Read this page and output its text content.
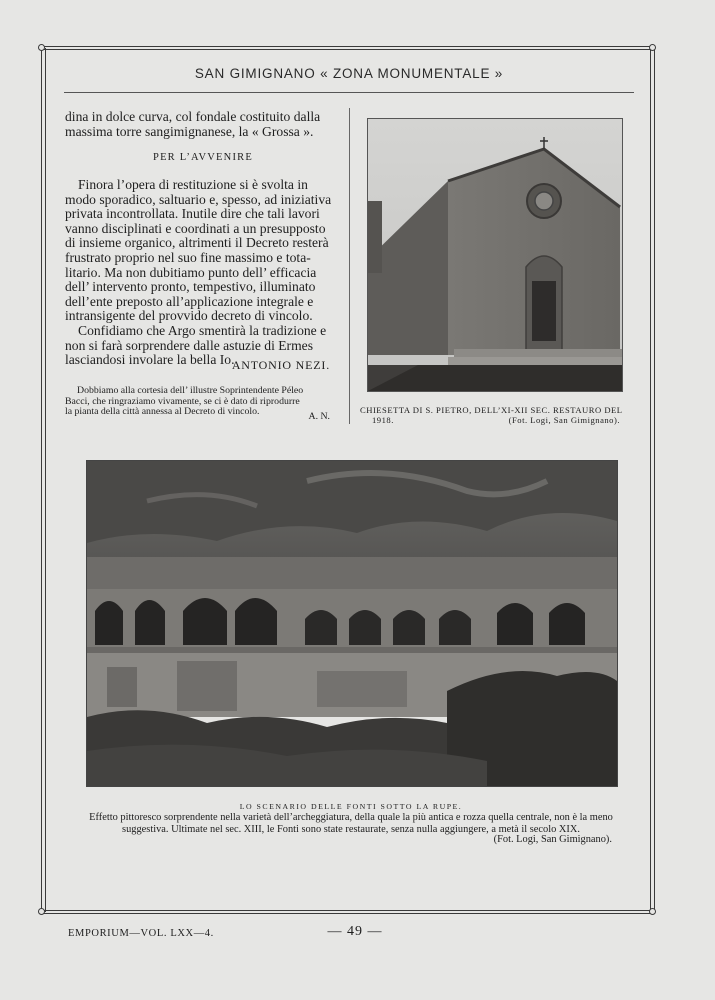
SAN GIMIGNANO « ZONA MONUMENTALE »

dina in dolce curva, col fondale costituito dalla

massima torre sangimignanese, la « Grossa ».

PER L’AVVENIRE

Finora l’opera di restituzione si è svolta in

modo sporadico, saltuario e, spesso, ad iniziativa

privata incontrollata. Inutile dire che tali lavori

vanno disciplinati e coordinati a un presupposto

di insieme organico, altrimenti il Decreto resterà

frustrato proprio nel suo fine massimo e tota-

litario. Ma non dubitiamo punto dell’ efficacia

dell’ intervento pronto, tempestivo, illuminato

dell’ente preposto all’applicazione integrale e

intransigente del provvido decreto di vincolo.

Confidiamo che Argo smentirà la tradizione e

non si farà sorprendere dalle astuzie di Ermes

lasciandosi involare la bella Io.

ANTONIO NEZI.
Dobbiamo alla cortesia dell’ illustre Soprintendente Péleo
Bacci, che ringraziamo vivamente, se ci è dato di riprodurre
la pianta della città annessa al Decreto di vincolo.	A. N.
CHIESETTA DI S. PIETRO, DELL’XI-XII SEC. RESTAURO DEL
1918.	(Fot. Logi, San Gimignano).
LO SCENARIO DELLE FONTI SOTTO LA RUPE.
Effetto pittoresco sorprendente nella varietà dell’archeggiatura, della quale la più antica e rozza quella centrale, non è la meno
suggestiva. Ultimate nel sec. XIII, le Fonti sono state restaurate, senza nulla aggiungere, a metà il secolo XIX.
(Fot. Logi, San Gimignano).
EMPORIUM—VOL. LXX—4.	— 49 —
